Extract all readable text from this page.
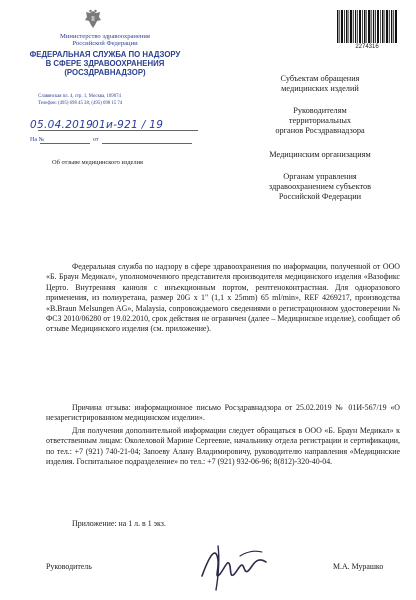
Министерство здравоохранения
Российской Федерации
ФЕДЕРАЛЬНАЯ СЛУЖБА ПО НАДЗОРУ
В СФЕРЕ ЗДРАВООХРАНЕНИЯ
(РОСЗДРАВНАДЗОР)
Славянская пл. 4, стр. 1, Москва, 109074
Телефон: (495) 698 45 38; (495) 698 15 74
05.04.2019
01и-921 / 19
На №	от
Об отзыве медицинского изделия
2274316
Субъектам обращения
медицинских изделий
Руководителям
территориальных
органов Росздравнадзора
Медицинским организациям
Органам управления
здравоохранением субъектов
Российской Федерации

Федеральная служба по надзору в сфере здравоохранения по информации, полученной от ООО «Б. Браун Медикал», уполномоченного представителя производителя медицинского изделия «Вазофикс Церто. Внутренняя канюля с инъекционным портом, рентгеноконтрастная. Для одноразового применения, из полиуретана, размер 20G x 1" (1,1 x 25mm) 65 ml/min», REF 4269217, производства «B.Braun Melsungen AG», Malaysia, сопровождаемого сведениями о регистрационном удостоверении № ФСЗ 2010/06280 от 19.02.2010, срок действия не ограничен (далее – Медицинское изделие), сообщает об отзыве Медицинского изделия (см. приложение).

Причина отзыва: информационное письмо Росздравнадзора от 25.02.2019 № 01И-567/19 «О незарегистрированном медицинском изделии».

Для получения дополнительной информации следует обращаться в ООО «Б. Браун Медикал» к ответственным лицам: Околеловой Марине Сергеевне, начальнику отдела регистрации и сертификации, по тел.: +7 (921) 740-21-04; Запоеву Алану Владимировичу, руководителю направления «Медицинские изделия. Госпитальное подразделение» по тел.: +7 (921) 932-06-96; 8(812)-320-40-04.

Приложение: на 1 л. в 1 экз.
Руководитель	М.А. Мурашко
